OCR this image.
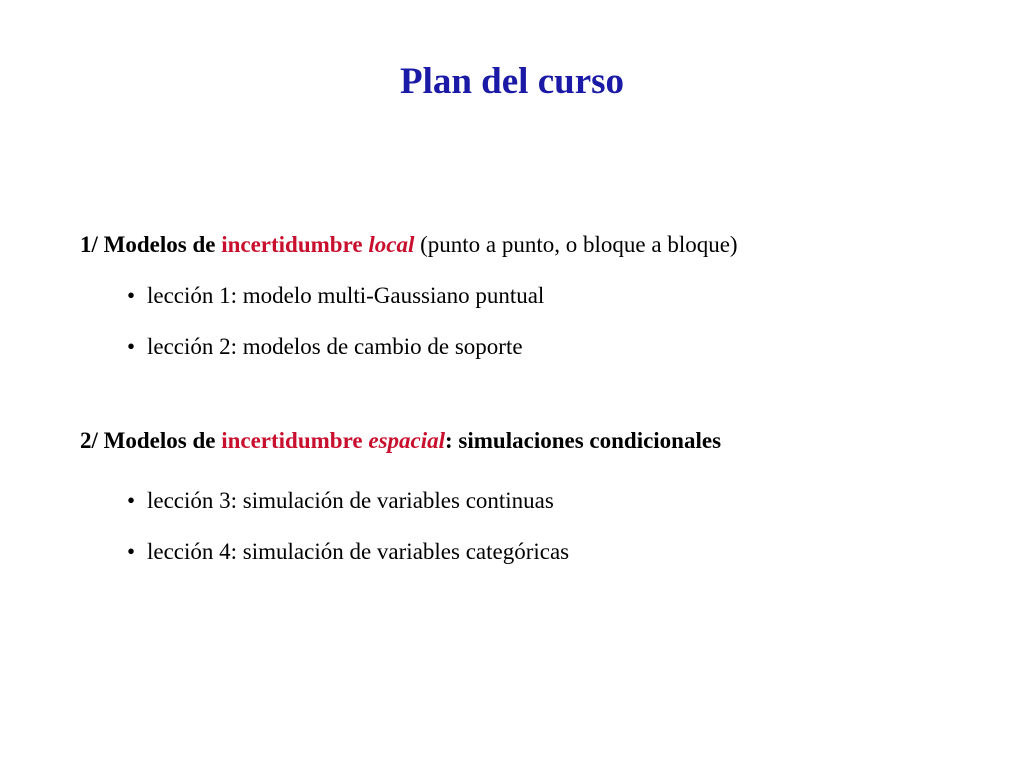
Plan del curso

1/ Modelos de incertidumbre local (punto a punto, o bloque a bloque)

• lección 1: modelo multi-Gaussiano puntual
• lección 2: modelos de cambio de soporte

2/ Modelos de incertidumbre espacial: simulaciones condicionales

• lección 3: simulación de variables continuas
• lección 4: simulación de variables categóricas
